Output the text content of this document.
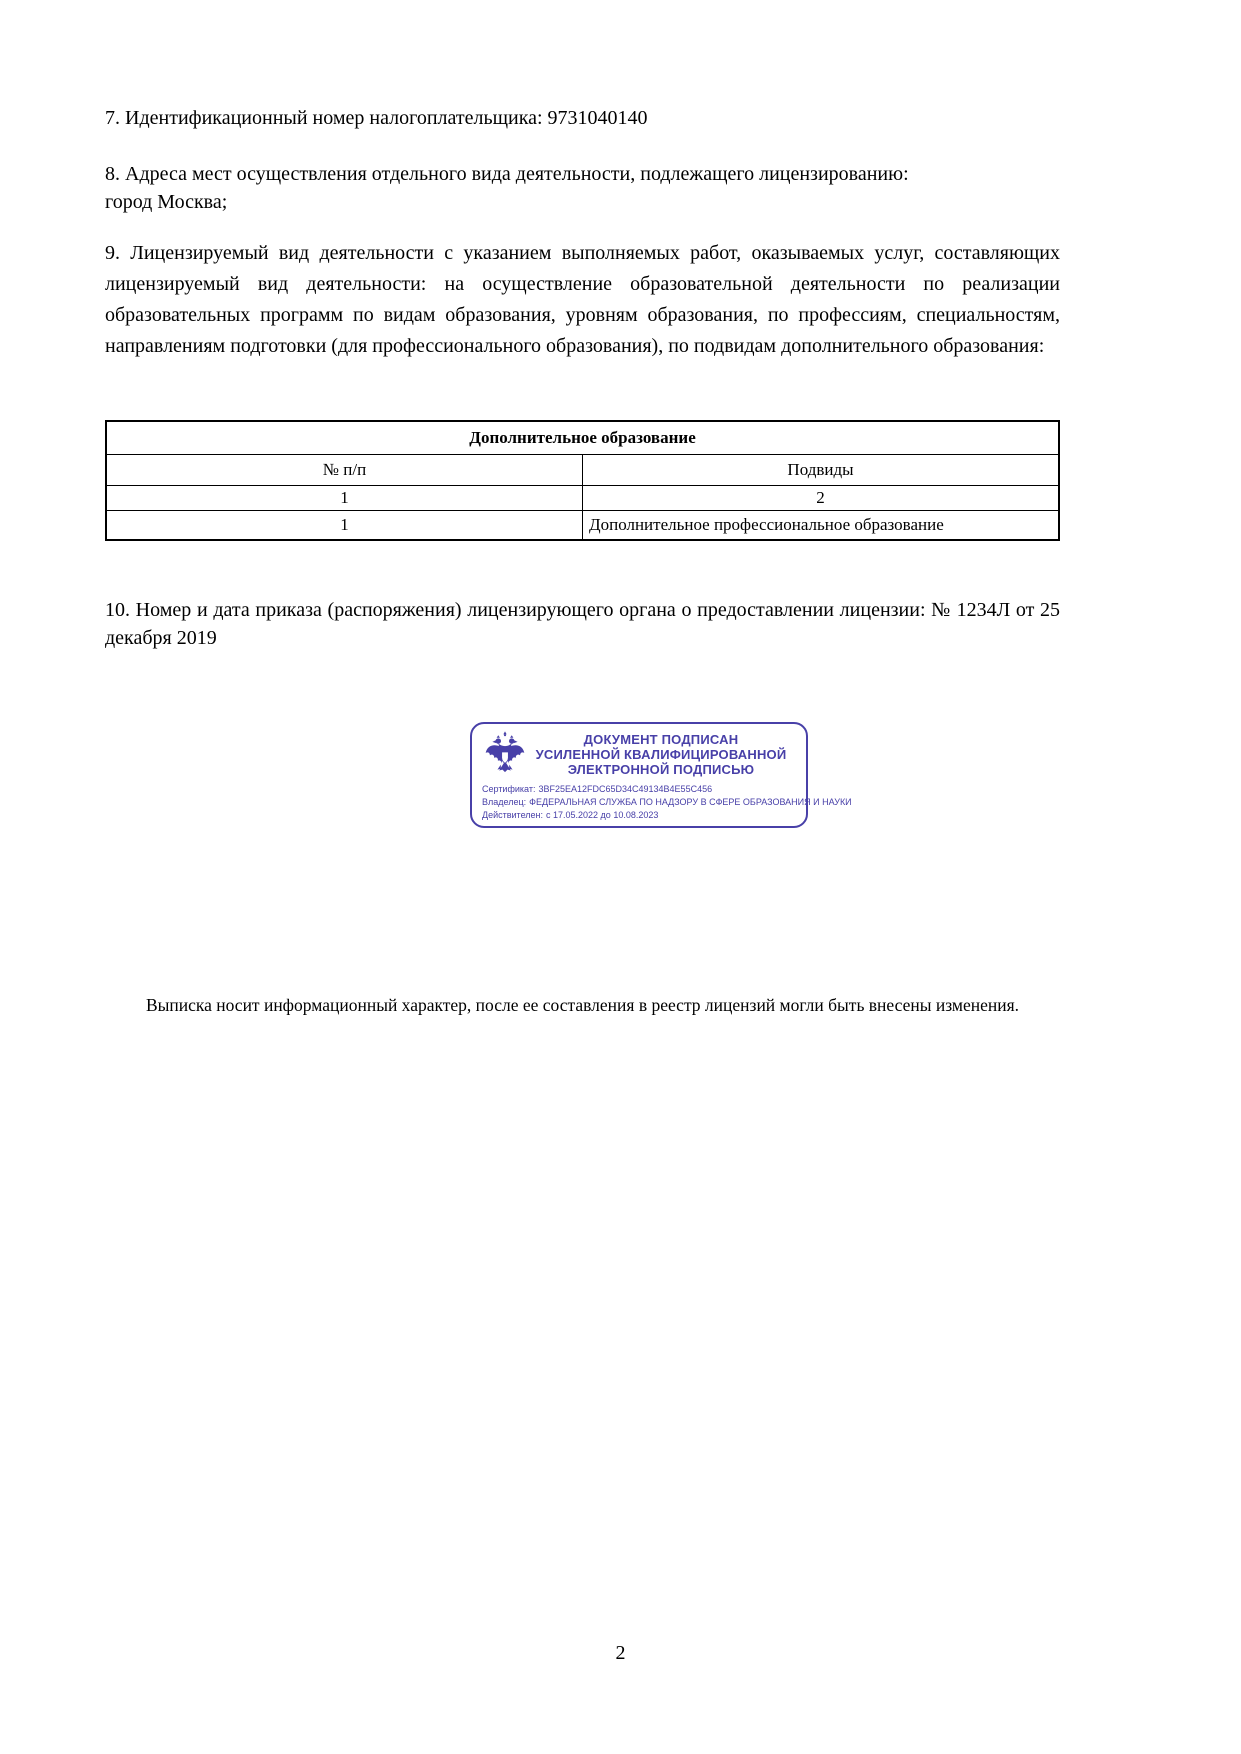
7. Идентификационный номер налогоплательщика: 9731040140

8. Адреса мест осуществления отдельного вида деятельности, подлежащего лицензированию:
город Москва;

9. Лицензируемый вид деятельности с указанием выполняемых работ, оказываемых услуг, составляющих лицензируемый вид деятельности: на осуществление образовательной деятельности по реализации образовательных программ по видам образования, уровням образования, по профессиям, специальностям, направлениям подготовки (для профессионального образования), по подвидам дополнительного образования:

Дополнительное образование	
№ п/п	Подвиды
1	2
1	Дополнительное профессиональное образование

10. Номер и дата приказа (распоряжения) лицензирующего органа о предоставлении лицензии: № 1234Л от 25 декабря 2019

ДОКУМЕНТ ПОДПИСАН
УСИЛЕННОЙ КВАЛИФИЦИРОВАННОЙ
ЭЛЕКТРОННОЙ ПОДПИСЬЮ
Сертификат: 3BF25EA12FDC65D34C49134B4E55C456
Владелец: ФЕДЕРАЛЬНАЯ СЛУЖБА ПО НАДЗОРУ В СФЕРЕ ОБРАЗОВАНИЯ И НАУКИ
Действителен: с 17.05.2022 до 10.08.2023

Выписка носит информационный характер, после ее составления в реестр лицензий могли быть внесены изменения.

2
